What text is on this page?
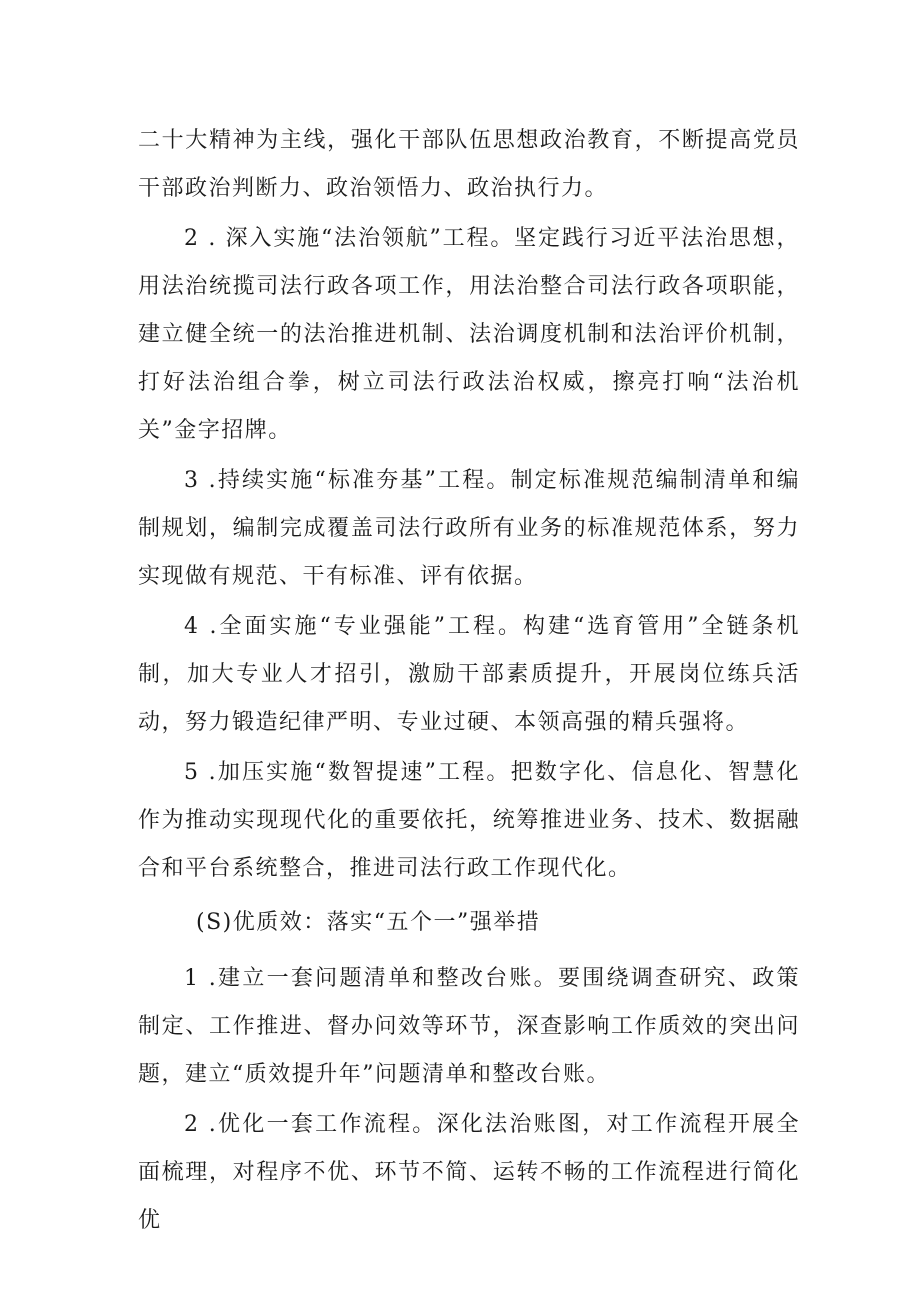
二十大精神为主线，强化干部队伍思想政治教育，不断提高党员干部政治判断力、政治领悟力、政治执行力。

2 . 深入实施“法治领航”工程。坚定践行习近平法治思想，用法治统揽司法行政各项工作，用法治整合司法行政各项职能，建立健全统一的法治推进机制、法治调度机制和法治评价机制，打好法治组合拳，树立司法行政法治权威，擦亮打响“法治机关”金字招牌。

3 .持续实施“标准夯基”工程。制定标准规范编制清单和编制规划，编制完成覆盖司法行政所有业务的标准规范体系，努力实现做有规范、干有标准、评有依据。

4 .全面实施“专业强能”工程。构建“选育管用”全链条机制，加大专业人才招引，激励干部素质提升，开展岗位练兵活动，努力锻造纪律严明、专业过硬、本领高强的精兵强将。

5 .加压实施“数智提速”工程。把数字化、信息化、智慧化作为推动实现现代化的重要依托，统筹推进业务、技术、数据融合和平台系统整合，推进司法行政工作现代化。

(S)优质效：落实“五个一”强举措

1 .建立一套问题清单和整改台账。要围绕调查研究、政策制定、工作推进、督办问效等环节，深查影响工作质效的突出问题，建立“质效提升年”问题清单和整改台账。

2 .优化一套工作流程。深化法治账图，对工作流程开展全面梳理，对程序不优、环节不简、运转不畅的工作流程进行简化优
